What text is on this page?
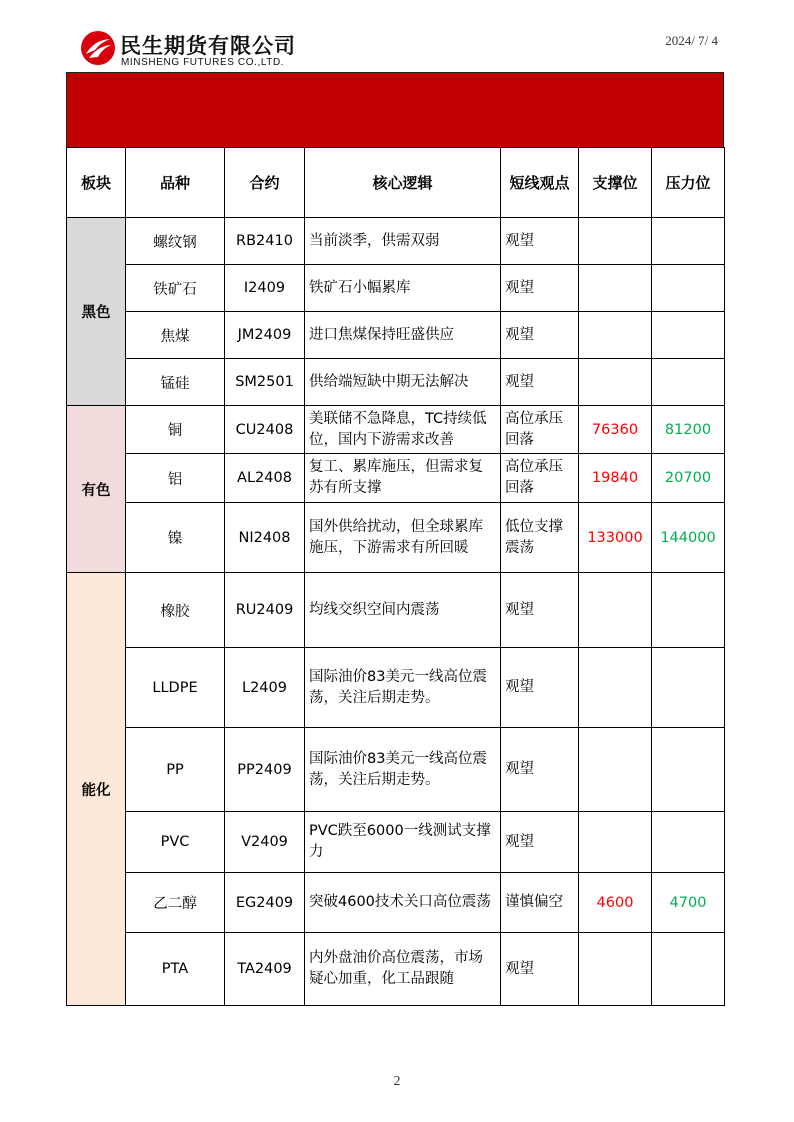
民生期货有限公司
MINSHENG FUTURES CO.,LTD.
2024/ 7/ 4
板块	品种	合约	核心逻辑	短线观点	支撑位	压力位
黑色	螺纹钢	RB2410	当前淡季，供需双弱	观望		
	铁矿石	I2409	铁矿石小幅累库	观望		
	焦煤	JM2409	进口焦煤保持旺盛供应	观望		
	锰硅	SM2501	供给端短缺中期无法解决	观望		
有色	铜	CU2408	美联储不急降息，TC持续低位，国内下游需求改善	高位承压回落	76360	81200
	铝	AL2408	复工、累库施压，但需求复苏有所支撑	高位承压回落	19840	20700
	镍	NI2408	国外供给扰动，但全球累库施压，下游需求有所回暖	低位支撑震荡	133000	144000
能化	橡胶	RU2409	均线交织空间内震荡	观望		
	LLDPE	L2409	国际油价83美元一线高位震荡，关注后期走势。	观望		
	PP	PP2409	国际油价83美元一线高位震荡，关注后期走势。	观望		
	PVC	V2409	PVC跌至6000一线测试支撑力	观望		
	乙二醇	EG2409	突破4600技术关口高位震荡	谨慎偏空	4600	4700
	PTA	TA2409	内外盘油价高位震荡，市场疑心加重，化工品跟随	观望		
2
